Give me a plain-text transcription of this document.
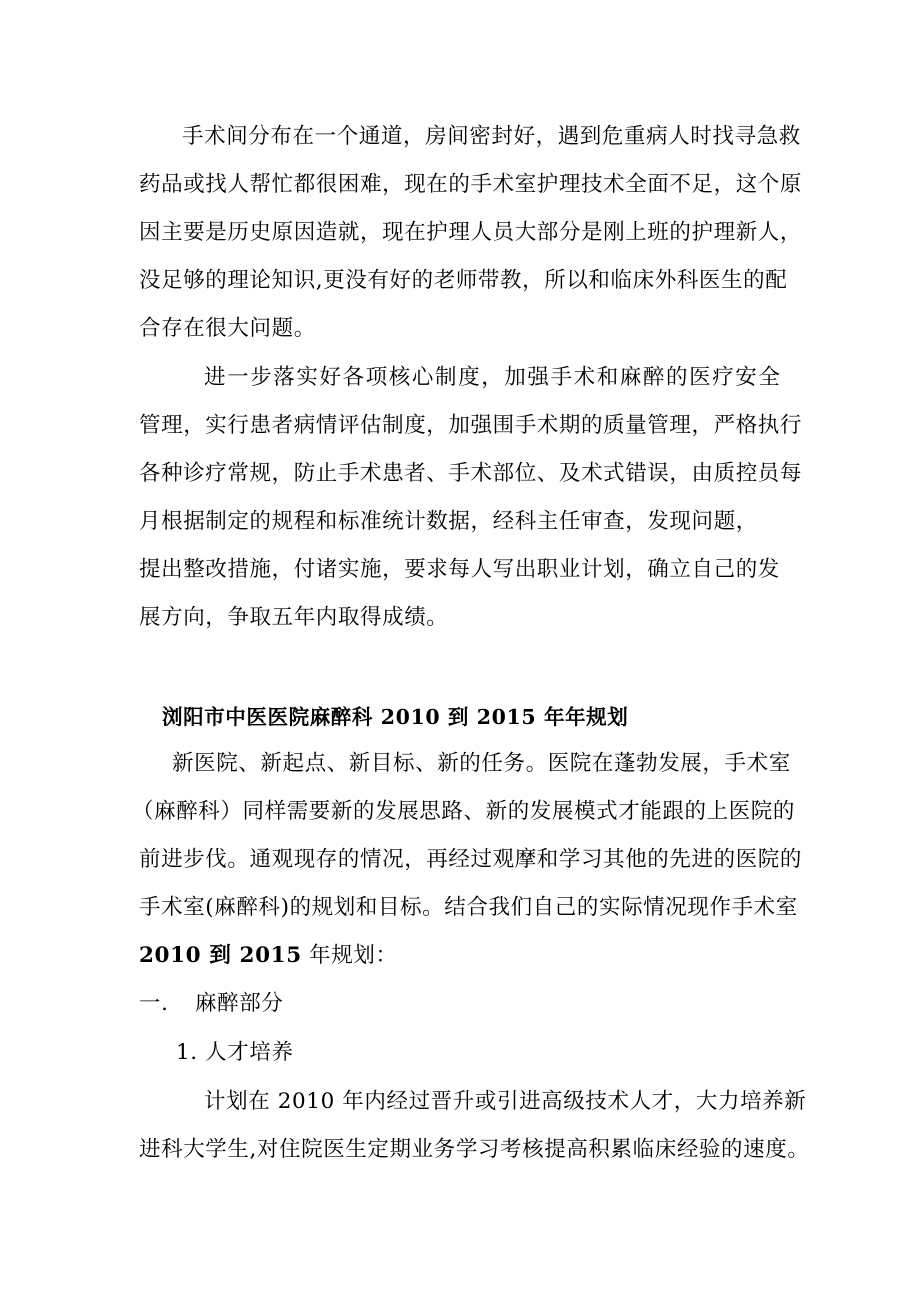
手术间分布在一个通道，房间密封好，遇到危重病人时找寻急救
药品或找人帮忙都很困难，现在的手术室护理技术全面不足，这个原
因主要是历史原因造就，现在护理人员大部分是刚上班的护理新人，
没足够的理论知识,更没有好的老师带教，所以和临床外科医生的配
合存在很大问题。
进一步落实好各项核心制度，加强手术和麻醉的医疗安全
管理，实行患者病情评估制度，加强围手术期的质量管理，严格执行
各种诊疗常规，防止手术患者、手术部位、及术式错误，由质控员每
月根据制定的规程和标准统计数据，经科主任审查，发现问题，
提出整改措施，付诸实施，要求每人写出职业计划，确立自己的发
展方向，争取五年内取得成绩。
浏阳市中医医院麻醉科 2010 到 2015 年年规划
新医院、新起点、新目标、新的任务。医院在蓬勃发展，手术室
（麻醉科）同样需要新的发展思路、新的发展模式才能跟的上医院的
前进步伐。通观现存的情况，再经过观摩和学习其他的先进的医院的
手术室(麻醉科)的规划和目标。结合我们自己的实际情况现作手术室
2010 到 2015 年规划：
一. 麻醉部分
1. 人才培养
计划在 2010 年内经过晋升或引进高级技术人才，大力培养新
进科大学生,对住院医生定期业务学习考核提高积累临床经验的速度。
